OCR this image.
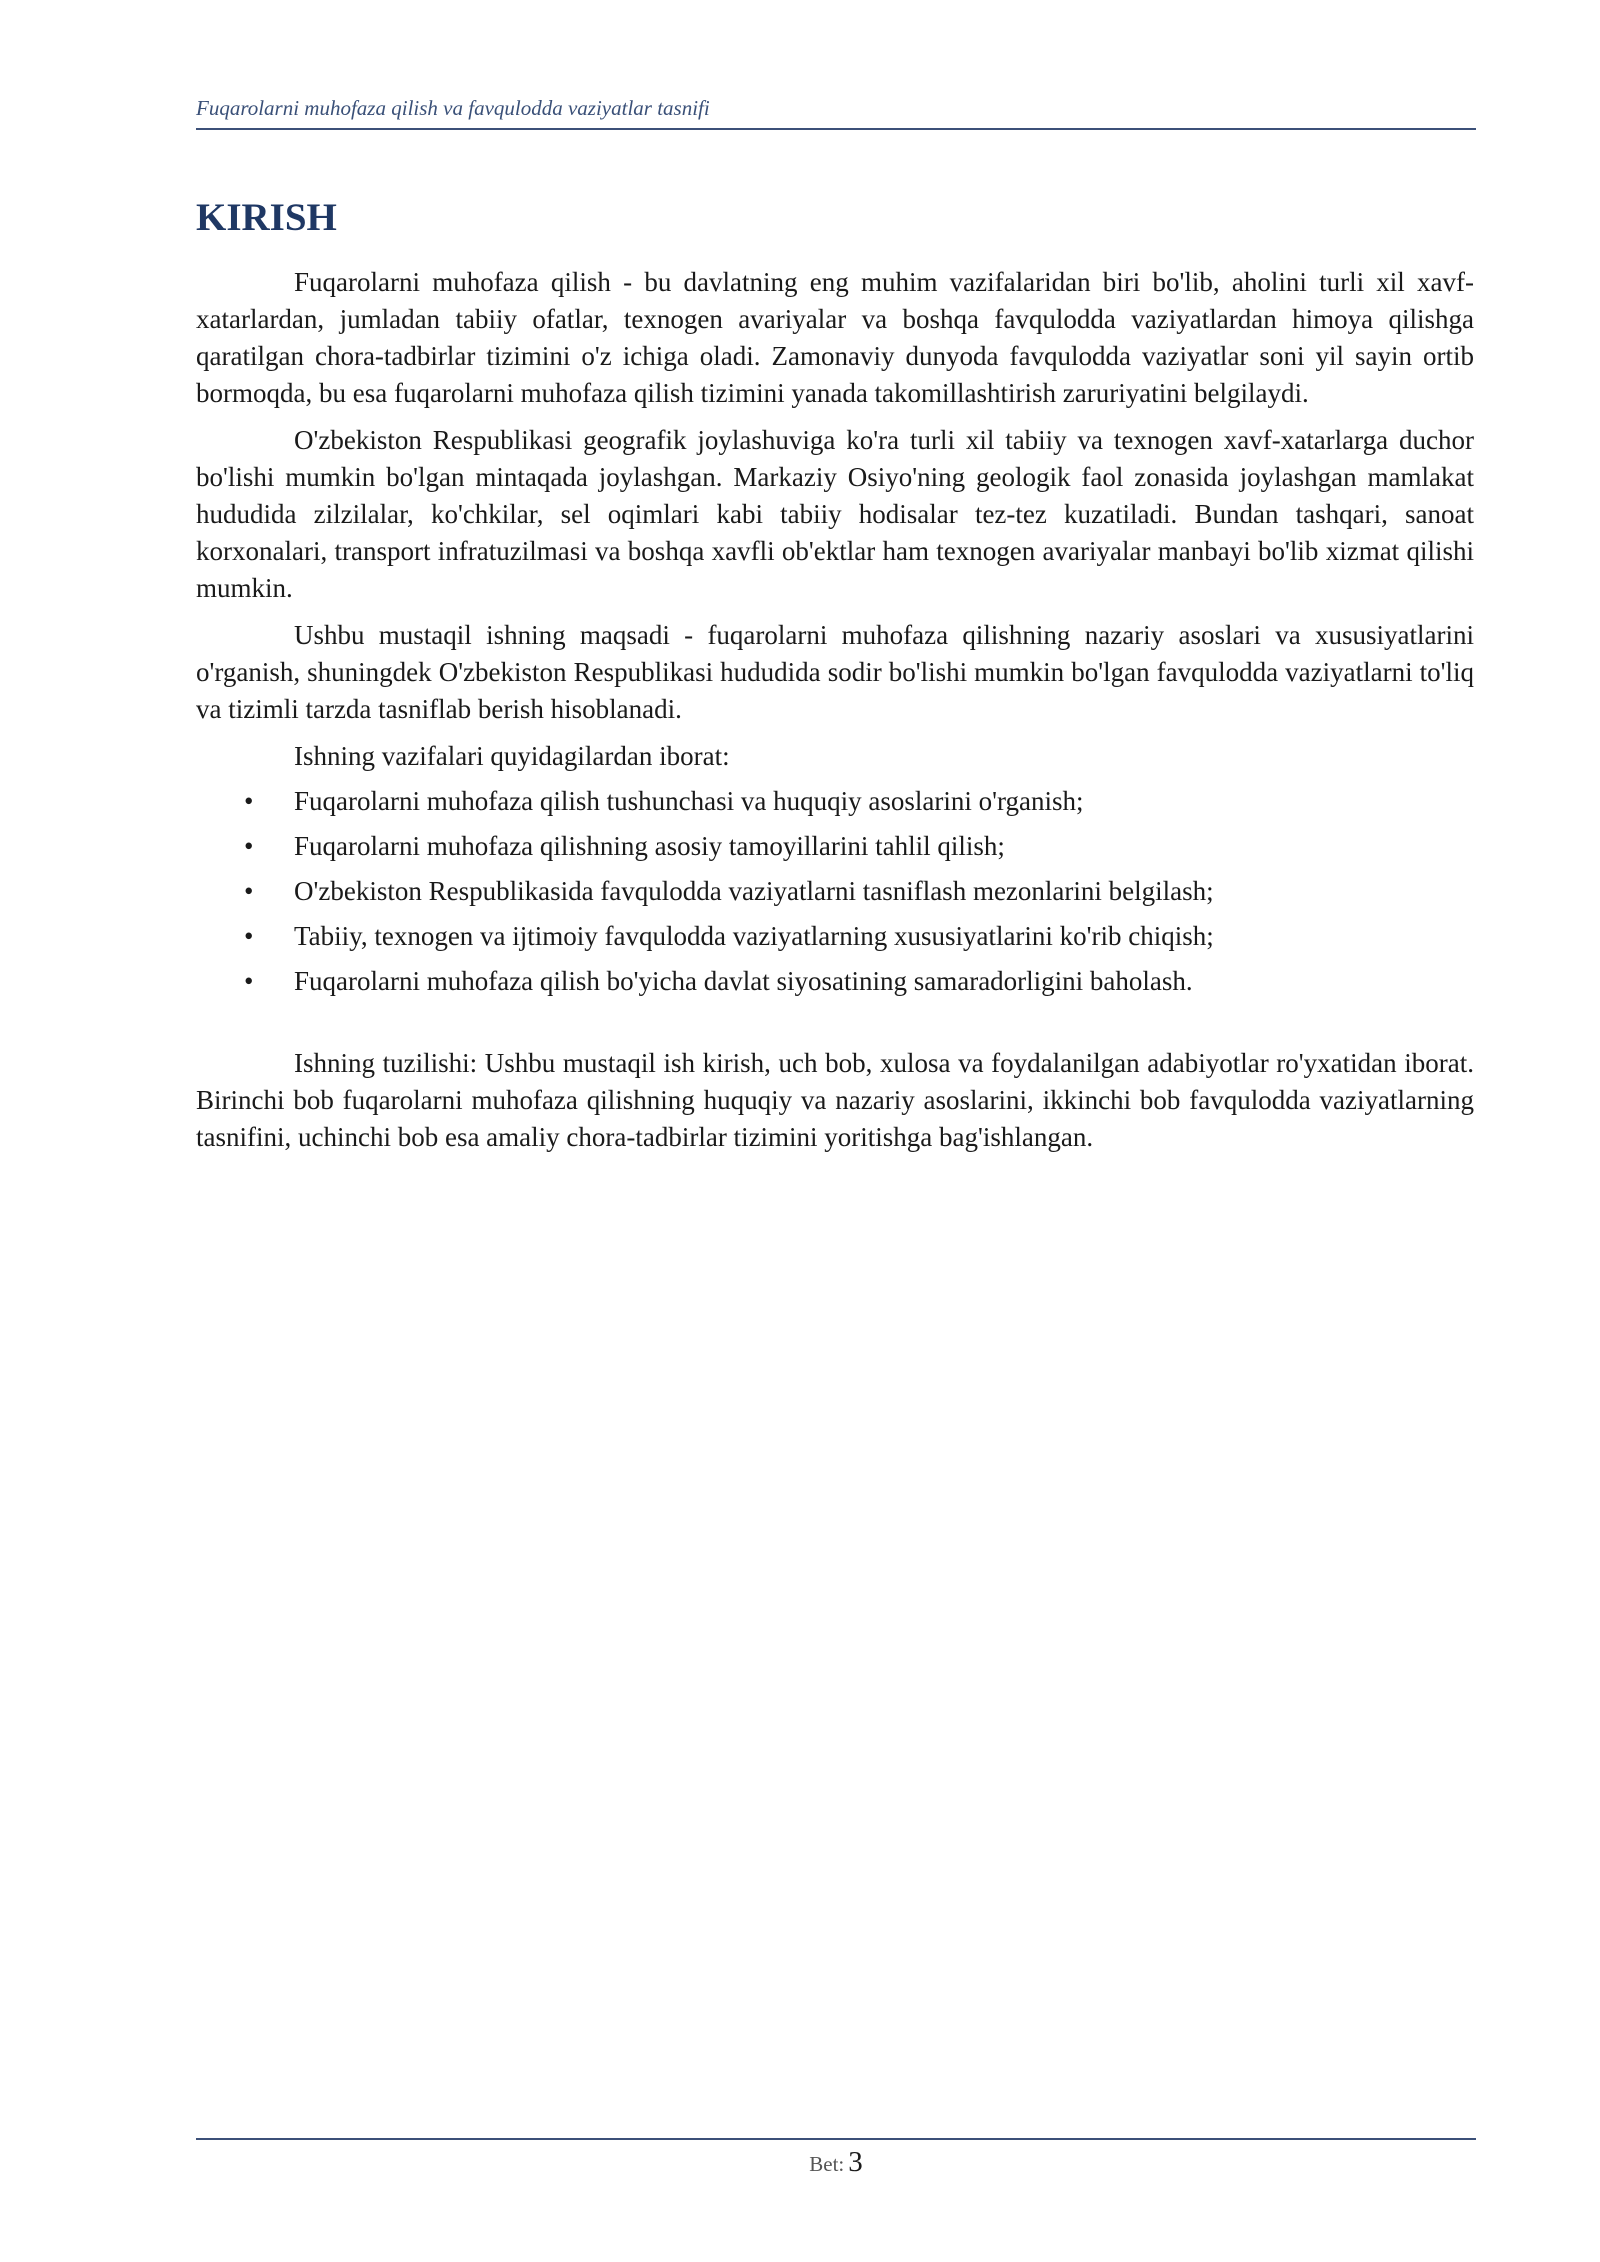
Fuqarolarni muhofaza qilish va favqulodda vaziyatlar tasnifi
KIRISH

Fuqarolarni muhofaza qilish - bu davlatning eng muhim vazifalaridan biri bo'lib, aholini turli xil xavf-xatarlardan, jumladan tabiiy ofatlar, texnogen avariyalar va boshqa favqulodda vaziyatlardan himoya qilishga qaratilgan chora-tadbirlar tizimini o'z ichiga oladi. Zamonaviy dunyoda favqulodda vaziyatlar soni yil sayin ortib bormoqda, bu esa fuqarolarni muhofaza qilish tizimini yanada takomillashtirish zaruriyatini belgilaydi.

O'zbekiston Respublikasi geografik joylashuviga ko'ra turli xil tabiiy va texnogen xavf-xatarlarga duchor bo'lishi mumkin bo'lgan mintaqada joylashgan. Markaziy Osiyo'ning geologik faol zonasida joylashgan mamlakat hududida zilzilalar, ko'chkilar, sel oqimlari kabi tabiiy hodisalar tez-tez kuzatiladi. Bundan tashqari, sanoat korxonalari, transport infratuzilmasi va boshqa xavfli ob'ektlar ham texnogen avariyalar manbayi bo'lib xizmat qilishi mumkin.

Ushbu mustaqil ishning maqsadi - fuqarolarni muhofaza qilishning nazariy asoslari va xususiyatlarini o'rganish, shuningdek O'zbekiston Respublikasi hududida sodir bo'lishi mumkin bo'lgan favqulodda vaziyatlarni to'liq va tizimli tarzda tasniflab berish hisoblanadi.

Ishning vazifalari quyidagilardan iborat:

• Fuqarolarni muhofaza qilish tushunchasi va huquqiy asoslarini o'rganish;
• Fuqarolarni muhofaza qilishning asosiy tamoyillarini tahlil qilish;
• O'zbekiston Respublikasida favqulodda vaziyatlarni tasniflash mezonlarini belgilash;
• Tabiiy, texnogen va ijtimoiy favqulodda vaziyatlarning xususiyatlarini ko'rib chiqish;
• Fuqarolarni muhofaza qilish bo'yicha davlat siyosatining samaradorligini baholash.

Ishning tuzilishi: Ushbu mustaqil ish kirish, uch bob, xulosa va foydalanilgan adabiyotlar ro'yxatidan iborat. Birinchi bob fuqarolarni muhofaza qilishning huquqiy va nazariy asoslarini, ikkinchi bob favqulodda vaziyatlarning tasnifini, uchinchi bob esa amaliy chora-tadbirlar tizimini yoritishga bag'ishlangan.

Bet: 3
